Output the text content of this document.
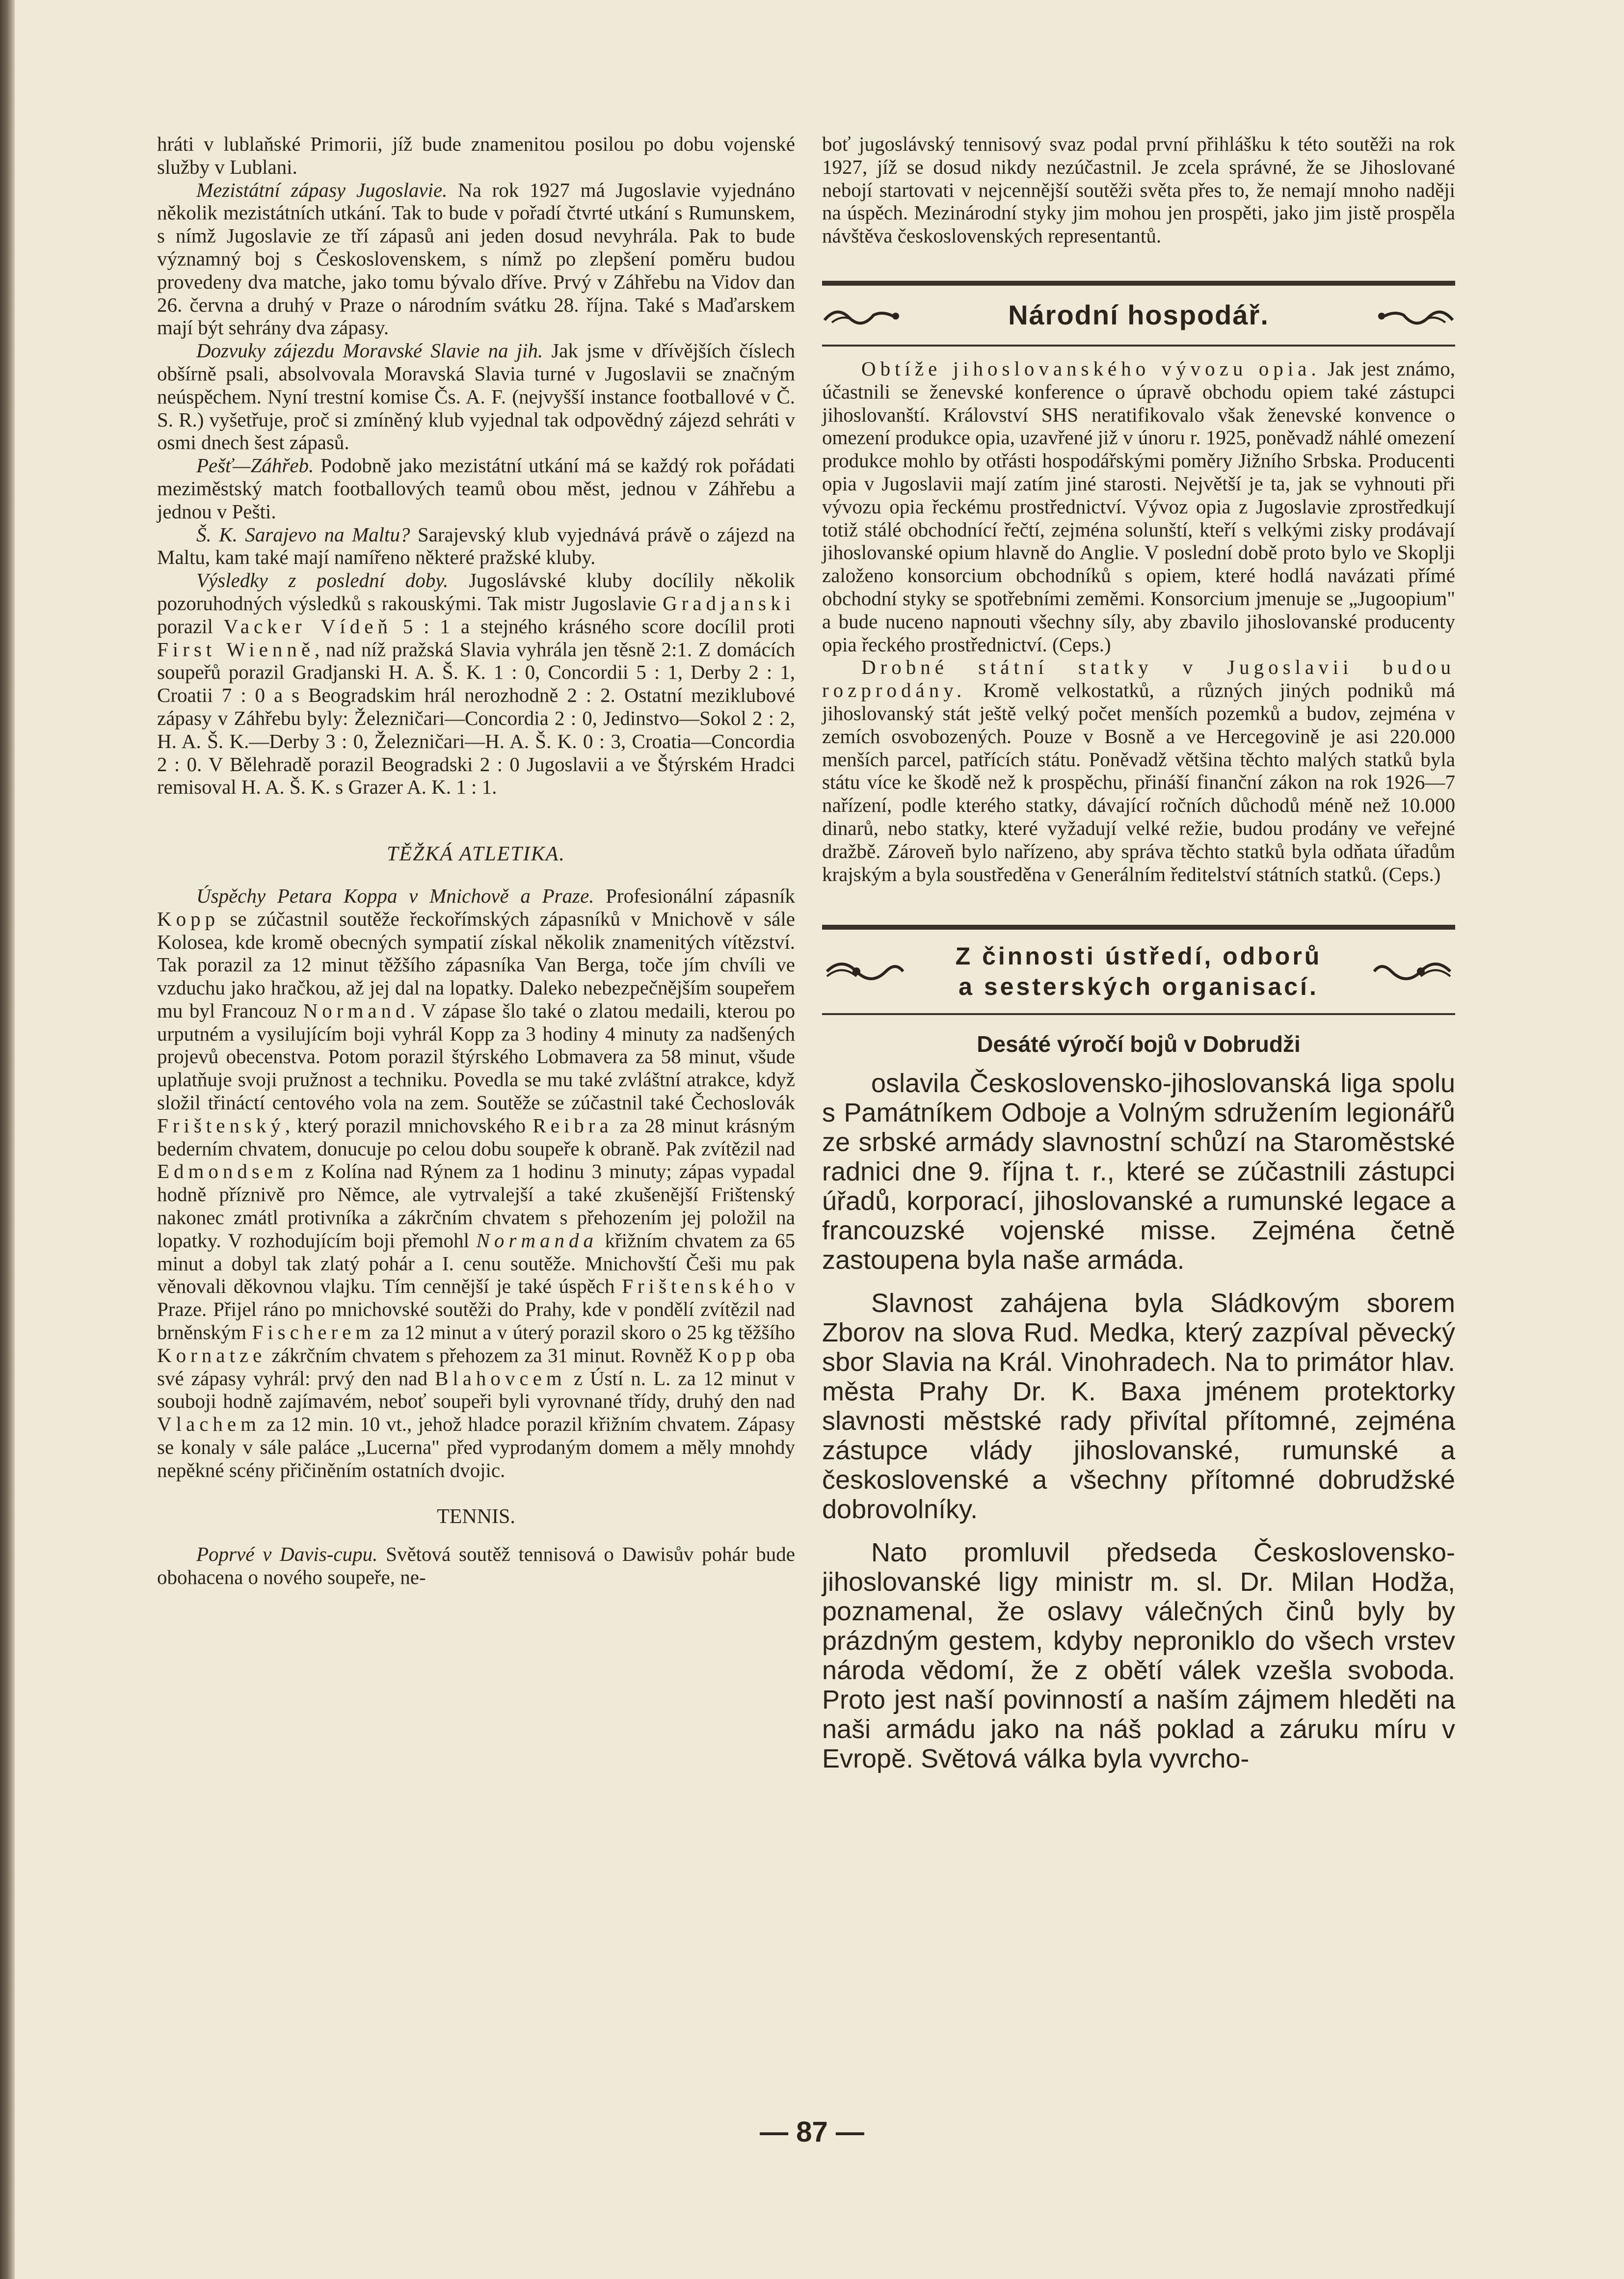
hráti v lublaňské Primorii, jíž bude znamenitou posilou po dobu vojenské služby v Lublani.

Mezistátní zápasy Jugoslavie. Na rok 1927 má Jugoslavie vyjednáno několik mezistátních utkání. Tak to bude v pořadí čtvrté utkání s Rumunskem, s nímž Jugoslavie ze tří zápasů ani jeden dosud nevyhrála. Pak to bude významný boj s Československem, s nímž po zlepšení poměru budou provedeny dva matche, jako tomu bývalo dříve. Prvý v Záhřebu na Vidov dan 26. června a druhý v Praze o národním svátku 28. října. Také s Maďarskem mají být sehrány dva zápasy.

Dozvuky zájezdu Moravské Slavie na jih. Jak jsme v dřívějších číslech obšírně psali, absolvovala Moravská Slavia turné v Jugoslavii se značným neúspěchem. Nyní trestní komise Čs. A. F. (nejvyšší instance footballové v Č. S. R.) vyšetřuje, proč si zmíněný klub vyjednal tak odpovědný zájezd sehráti v osmi dnech šest zápasů.

Pešť—Záhřeb. Podobně jako mezistátní utkání má se každý rok pořádati meziměstský match footballových teamů obou měst, jednou v Záhřebu a jednou v Pešti.

Š. K. Sarajevo na Maltu? Sarajevský klub vyjednává právě o zájezd na Maltu, kam také mají namířeno některé pražské kluby.

Výsledky z poslední doby. Jugoslávské kluby docílily několik pozoruhodných výsledků s rakouskými. Tak mistr Jugoslavie Gradjanski porazil Vacker Vídeň 5 : 1 a stejného krásného score docílil proti First Wienně, nad níž pražská Slavia vyhrála jen těsně 2:1. Z domácích soupeřů porazil Gradjanski H. A. Š. K. 1 : 0, Concordii 5 : 1, Derby 2 : 1, Croatii 7 : 0 a s Beogradskim hrál nerozhodně 2 : 2. Ostatní meziklubové zápasy v Záhřebu byly: Železničari—Concordia 2 : 0, Jedinstvo—Sokol 2 : 2, H. A. Š. K.—Derby 3 : 0, Železničari—H. A. Š. K. 0 : 3, Croatia—Concordia 2 : 0. V Bělehradě porazil Beogradski 2 : 0 Jugoslavii a ve Štýrském Hradci remisoval H. A. Š. K. s Grazer A. K. 1 : 1.

TĚŽKÁ ATLETIKA.

Úspěchy Petara Koppa v Mnichově a Praze. Profesionální zápasník Kopp se zúčastnil soutěže řeckořímských zápasníků v Mnichově v sále Kolosea, kde kromě obecných sympatií získal několik znamenitých vítězství. Tak porazil za 12 minut těžšího zápasníka Van Berga, toče jím chvíli ve vzduchu jako hračkou, až jej dal na lopatky. Daleko nebezpečnějším soupeřem mu byl Francouz Normand. V zápase šlo také o zlatou medaili, kterou po urputném a vysilujícím boji vyhrál Kopp za 3 hodiny 4 minuty za nadšených projevů obecenstva. Potom porazil štýrského Lobmavera za 58 minut, všude uplatňuje svoji pružnost a techniku. Povedla se mu také zvláštní atrakce, když složil třináctí centového vola na zem. Soutěže se zúčastnil také Čechoslovák Frištenský, který porazil mnichovského Reibra za 28 minut krásným bederním chvatem, donucuje po celou dobu soupeře k obraně. Pak zvítězil nad Edmondsem z Kolína nad Rýnem za 1 hodinu 3 minuty; zápas vypadal hodně příznivě pro Němce, ale vytrvalejší a také zkušenější Frištenský nakonec zmátl protivníka a zákrčním chvatem s přehozením jej položil na lopatky. V rozhodujícím boji přemohl Normanda křižním chvatem za 65 minut a dobyl tak zlatý pohár a I. cenu soutěže. Mnichovští Češi mu pak věnovali děkovnou vlajku. Tím cennější je také úspěch Frištenského v Praze. Přijel ráno po mnichovské soutěži do Prahy, kde v pondělí zvítězil nad brněnským Fischerem za 12 minut a v úterý porazil skoro o 25 kg těžšího Kornatze zákrčním chvatem s přehozem za 31 minut. Rovněž Kopp oba své zápasy vyhrál: prvý den nad Blahovcem z Ústí n. L. za 12 minut v souboji hodně zajímavém, neboť soupeři byli vyrovnané třídy, druhý den nad Vlachem za 12 min. 10 vt., jehož hladce porazil křižním chvatem. Zápasy se konaly v sále paláce „Lucerna" před vyprodaným domem a měly mnohdy nepěkné scény přičiněním ostatních dvojic.

TENNIS.

Poprvé v Davis-cupu. Světová soutěž tennisová o Dawisův pohár bude obohacena o nového soupeře, ne-

boť jugoslávský tennisový svaz podal první přihlášku k této soutěži na rok 1927, jíž se dosud nikdy nezúčastnil. Je zcela správné, že se Jihoslované nebojí startovati v nejcennější soutěži světa přes to, že nemají mnoho naději na úspěch. Mezinárodní styky jim mohou jen prospěti, jako jim jistě prospěla návštěva československých representantů.

Národní hospodář.

Obtíže jihoslovanského vývozu opia. Jak jest známo, účastnili se ženevské konference o úpravě obchodu opiem také zástupci jihoslovanští. Království SHS neratifikovalo však ženevské konvence o omezení produkce opia, uzavřené již v únoru r. 1925, poněvadž náhlé omezení produkce mohlo by otřásti hospodářskými poměry Jižního Srbska. Producenti opia v Jugoslavii mají zatím jiné starosti. Největší je ta, jak se vyhnouti při vývozu opia řeckému prostřednictví. Vývoz opia z Jugoslavie zprostředkují totiž stálé obchodnící řečtí, zejména solunští, kteří s velkými zisky prodávají jihoslovanské opium hlavně do Anglie. V poslední době proto bylo ve Skoplji založeno konsorcium obchodníků s opiem, které hodlá navázati přímé obchodní styky se spotřebními zeměmi. Konsorcium jmenuje se „Jugoopium" a bude nuceno napnouti všechny síly, aby zbavilo jihoslovanské producenty opia řeckého prostřednictví. (Ceps.)

Drobné státní statky v Jugoslavii budou rozprodány. Kromě velkostatků, a různých jiných podniků má jihoslovanský stát ještě velký počet menších pozemků a budov, zejména v zemích osvobozených. Pouze v Bosně a ve Hercegovině je asi 220.000 menších parcel, patřících státu. Poněvadž většina těchto malých statků byla státu více ke škodě než k prospěchu, přináší finanční zákon na rok 1926—7 nařízení, podle kterého statky, dávající ročních důchodů méně než 10.000 dinarů, nebo statky, které vyžadují velké režie, budou prodány ve veřejné dražbě. Zároveň bylo nařízeno, aby správa těchto statků byla odňata úřadům krajským a byla soustředěna v Generálním ředitelství státních statků. (Ceps.)

Z činnosti ústředí, odborů
a sesterských organisací.
Desáté výročí bojů v Dobrudži

oslavila Československo-jihoslovanská liga spolu s Památníkem Odboje a Volným sdružením legionářů ze srbské armády slavnostní schůzí na Staroměstské radnici dne 9. října t. r., které se zúčastnili zástupci úřadů, korporací, jihoslovanské a rumunské legace a francouzské vojenské misse. Zejména četně zastoupena byla naše armáda.

Slavnost zahájena byla Sládkovým sborem Zborov na slova Rud. Medka, který zazpíval pěvecký sbor Slavia na Král. Vinohradech. Na to primátor hlav. města Prahy Dr. K. Baxa jménem protektorky slavnosti městské rady přivítal přítomné, zejména zástupce vlády jihoslovanské, rumunské a československé a všechny přítomné dobrudžské dobrovolníky.

Nato promluvil předseda Československo-jihoslovanské ligy ministr m. sl. Dr. Milan Hodža, poznamenal, že oslavy válečných činů byly by prázdným gestem, kdyby neproniklo do všech vrstev národa vědomí, že z obětí válek vzešla svoboda. Proto jest naší povinností a naším zájmem hleděti na naši armádu jako na náš poklad a záruku míru v Evropě. Světová válka byla vyvrcho-

— 87 —
